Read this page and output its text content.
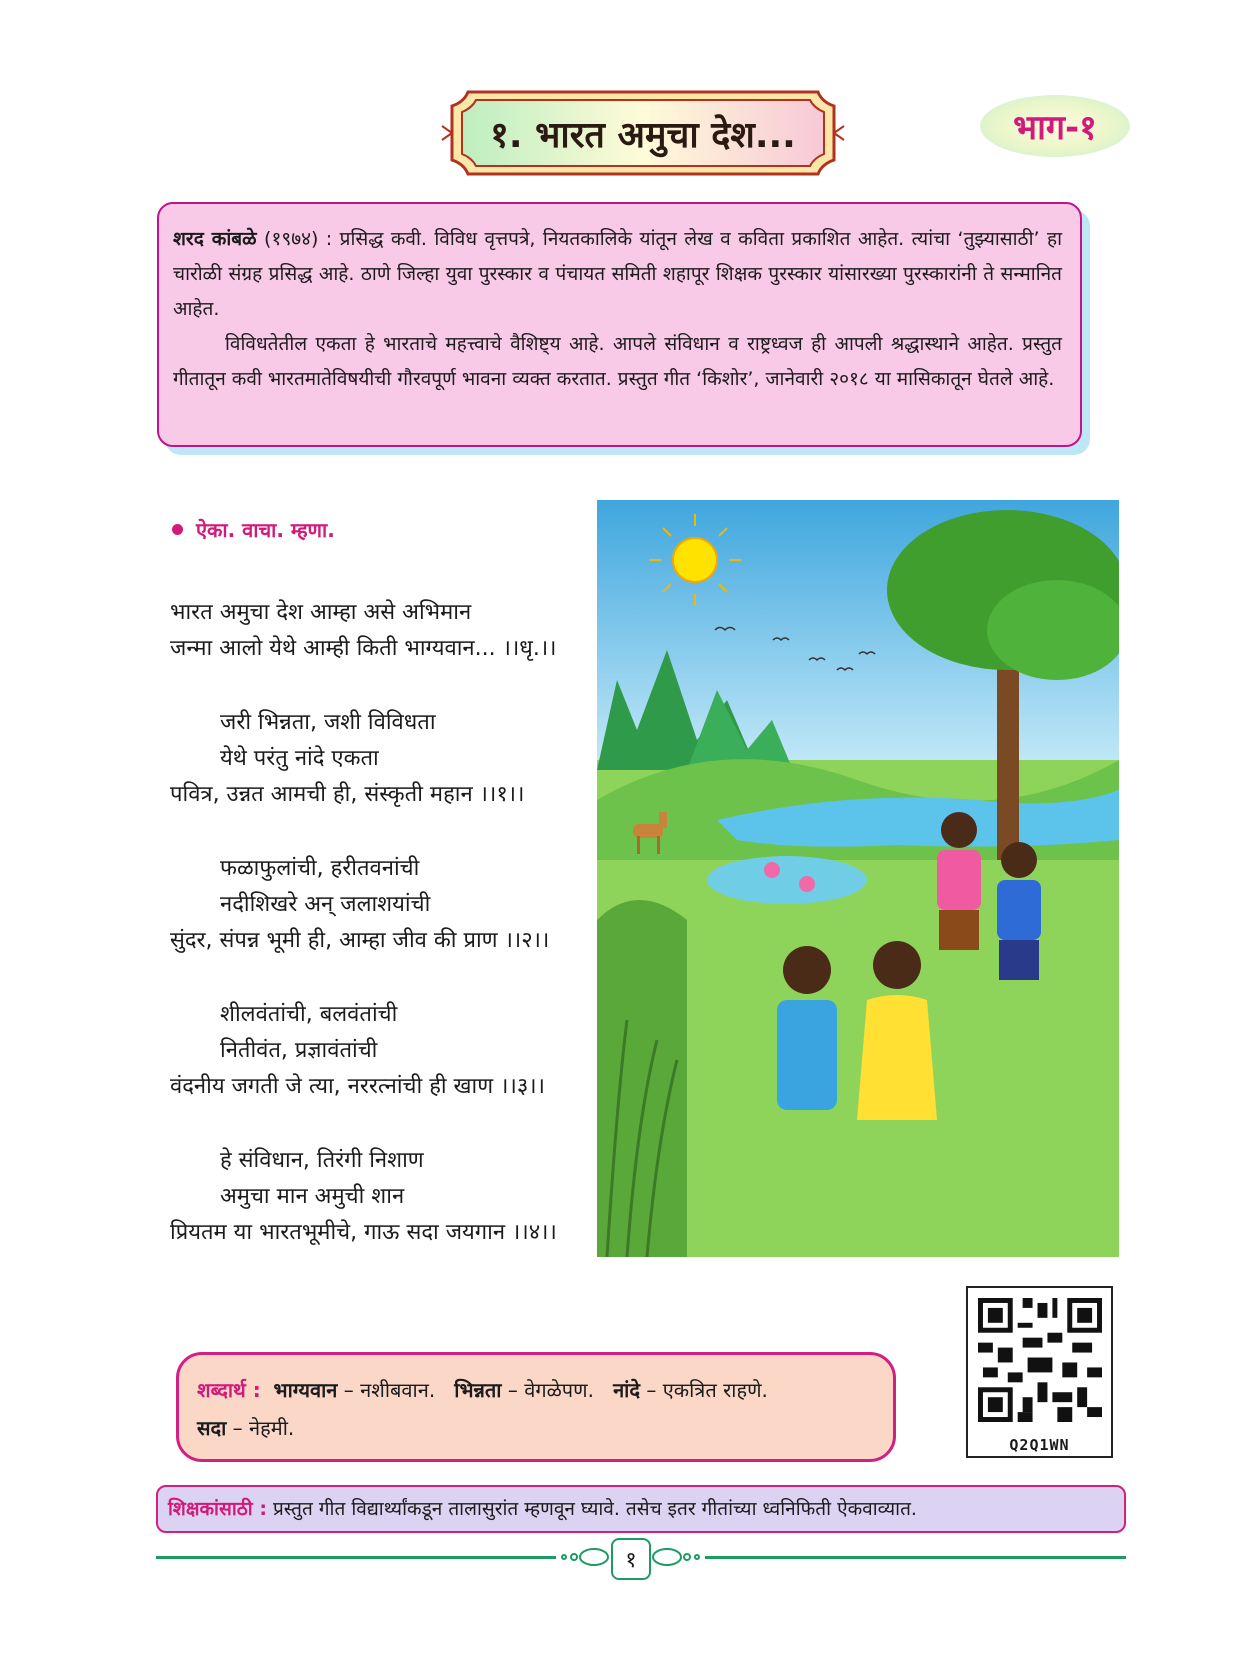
१. भारत अमुचा देश...	भाग-१

शरद कांबळे (१९७४) : प्रसिद्ध कवी. विविध वृत्तपत्रे, नियतकालिके यांतून लेख व कविता प्रकाशित आहेत. त्यांचा ‘तुझ्यासाठी’ हा चारोळी संग्रह प्रसिद्ध आहे. ठाणे जिल्हा युवा पुरस्कार व पंचायत समिती शहापूर शिक्षक पुरस्कार यांसारख्या पुरस्कारांनी ते सन्मानित आहेत.

विविधतेतील एकता हे भारताचे महत्त्वाचे वैशिष्ट्य आहे. आपले संविधान व राष्ट्रध्वज ही आपली श्रद्धास्थाने आहेत. प्रस्तुत गीतातून कवी भारतमातेविषयीची गौरवपूर्ण भावना व्यक्त करतात. प्रस्तुत गीत ‘किशोर’, जानेवारी २०१८ या मासिकातून घेतले आहे.

ऐका. वाचा. म्हणा.
भारत अमुचा देश आम्हा असे अभिमान
जन्मा आलो येथे आम्ही किती भाग्यवान... ।।धृ.।।
जरी भिन्नता, जशी विविधता
येथे परंतु नांदे एकता
पवित्र, उन्नत आमची ही, संस्कृती महान ।।१।।
फळाफुलांची, हरीतवनांची
नदीशिखरे अन् जलाशयांची
सुंदर, संपन्न भूमी ही, आम्हा जीव की प्राण ।।२।।
शीलवंतांची, बलवंतांची
नितीवंत, प्रज्ञावंतांची
वंदनीय जगती जे त्या, नररत्नांची ही खाण ।।३।।
हे संविधान, तिरंगी निशाण
अमुचा मान अमुची शान
प्रियतम या भारतभूमीचे, गाऊ सदा जयगान ।।४।।
शब्दार्थ : भाग्यवान – नशीबवान. भिन्नता – वेगळेपण. नांदे – एकत्रित राहणे.
सदा – नेहमी.
Q2Q1WN
शिक्षकांसाठी : प्रस्तुत गीत विद्यार्थ्यांकडून तालासुरांत म्हणवून घ्यावे. तसेच इतर गीतांच्या ध्वनिफिती ऐकवाव्यात.
१
